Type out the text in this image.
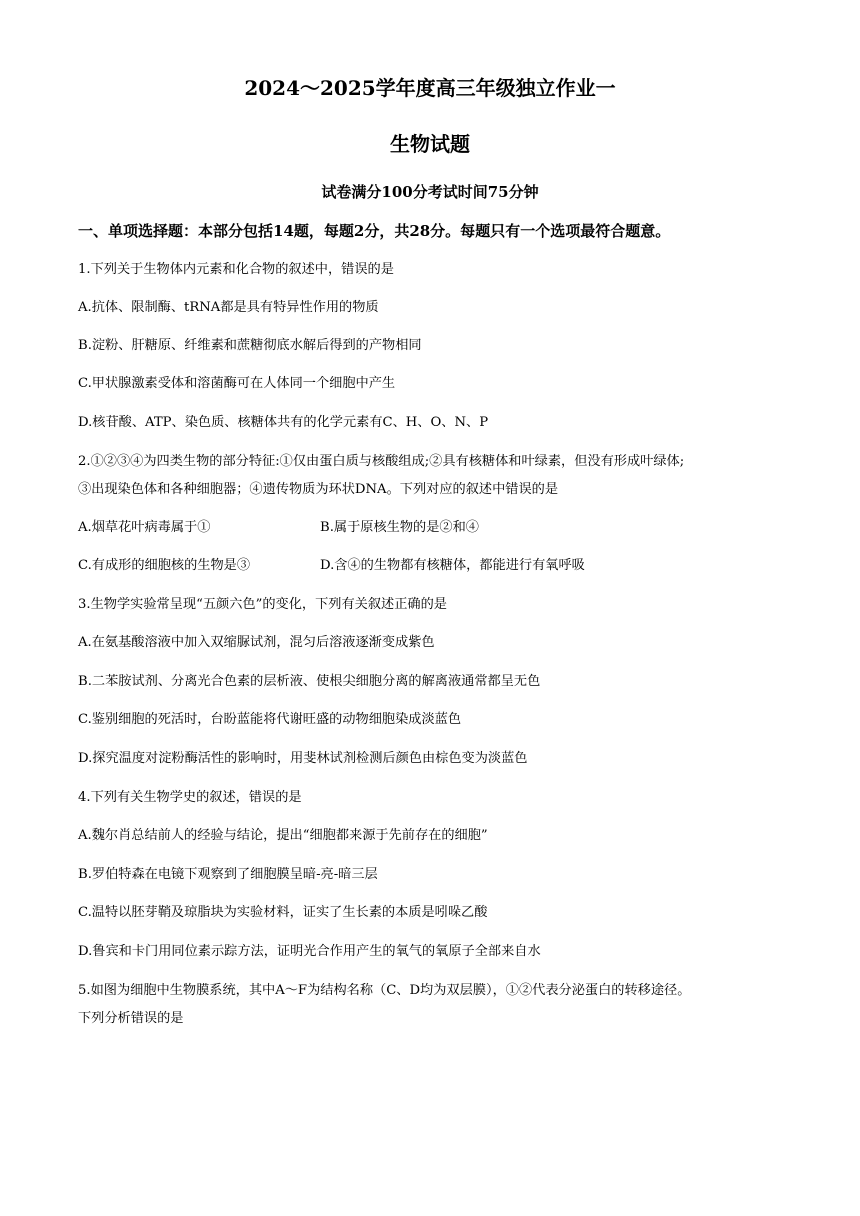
2024～2025学年度高三年级独立作业一
生物试题
试卷满分100分考试时间75分钟
一、单项选择题：本部分包括14题，每题2分，共28分。每题只有一个选项最符合题意。
1.下列关于生物体内元素和化合物的叙述中，错误的是
A.抗体、限制酶、tRNA都是具有特异性作用的物质
B.淀粉、肝糖原、纤维素和蔗糖彻底水解后得到的产物相同
C.甲状腺激素受体和溶菌酶可在人体同一个细胞中产生
D.核苷酸、ATP、染色质、核糖体共有的化学元素有C、H、O、N、P
2.①②③④为四类生物的部分特征:①仅由蛋白质与核酸组成;②具有核糖体和叶绿素，但没有形成叶绿体;
③出现染色体和各种细胞器；④遗传物质为环状DNA。下列对应的叙述中错误的是
A.烟草花叶病毒属于①	B.属于原核生物的是②和④
C.有成形的细胞核的生物是③	D.含④的生物都有核糖体，都能进行有氧呼吸
3.生物学实验常呈现“五颜六色”的变化，下列有关叙述正确的是
A.在氨基酸溶液中加入双缩脲试剂，混匀后溶液逐渐变成紫色
B.二苯胺试剂、分离光合色素的层析液、使根尖细胞分离的解离液通常都呈无色
C.鉴别细胞的死活时，台盼蓝能将代谢旺盛的动物细胞染成淡蓝色
D.探究温度对淀粉酶活性的影响时，用斐林试剂检测后颜色由棕色变为淡蓝色
4.下列有关生物学史的叙述，错误的是
A.魏尔肖总结前人的经验与结论，提出“细胞都来源于先前存在的细胞”
B.罗伯特森在电镜下观察到了细胞膜呈暗-亮-暗三层
C.温特以胚芽鞘及琼脂块为实验材料，证实了生长素的本质是吲哚乙酸
D.鲁宾和卡门用同位素示踪方法，证明光合作用产生的氧气的氧原子全部来自水
5.如图为细胞中生物膜系统，其中A～F为结构名称（C、D均为双层膜），①②代表分泌蛋白的转移途径。
下列分析错误的是
